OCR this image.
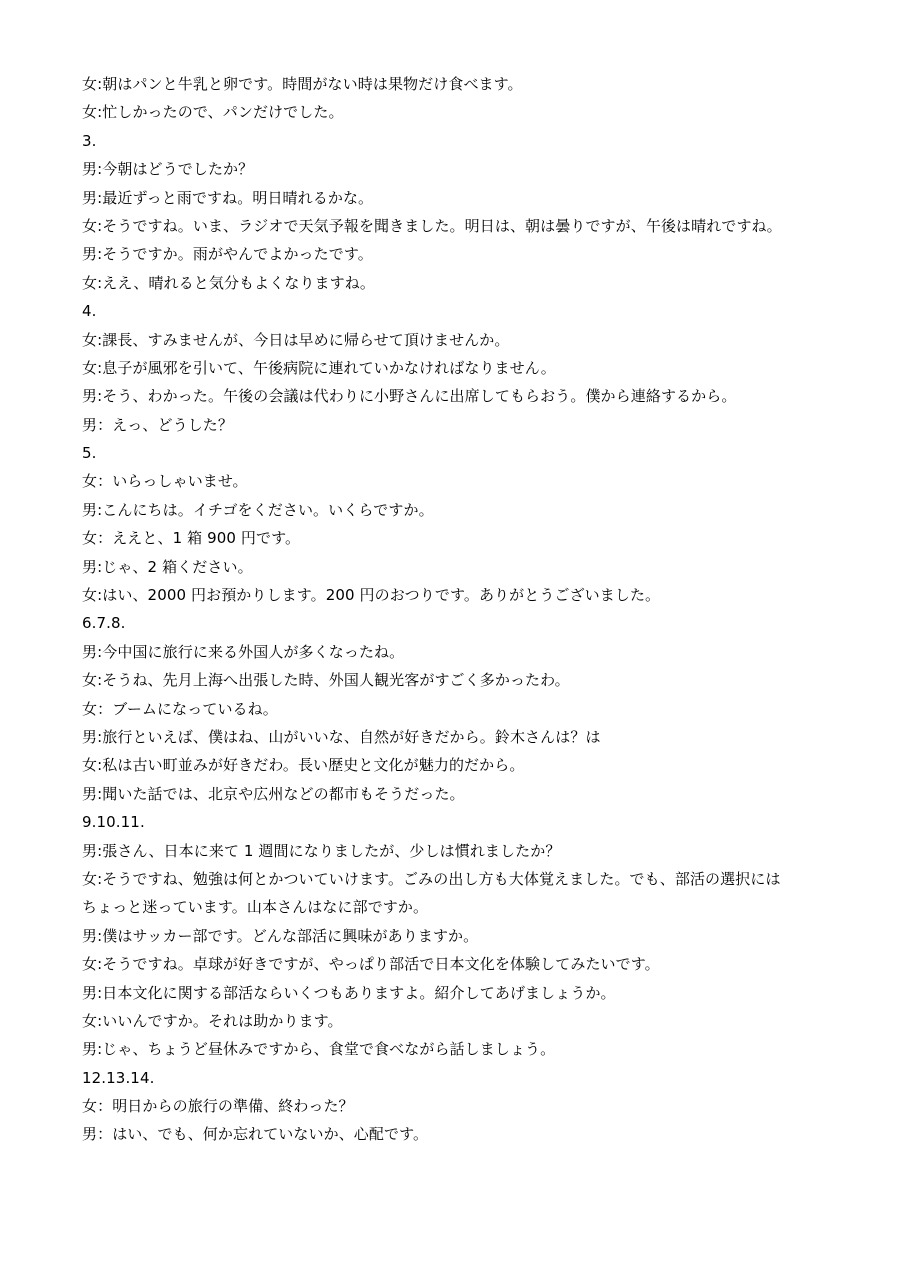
女:朝はパンと牛乳と卵です。時間がない時は果物だけ食べます。
女:忙しかったので、パンだけでした。
3.
男:今朝はどうでしたか？
男:最近ずっと雨ですね。明日晴れるかな。
女:そうですね。いま、ラジオで天気予報を聞きました。明日は、朝は曇りですが、午後は晴れですね。
男:そうですか。雨がやんでよかったです。
女:ええ、晴れると気分もよくなりますね。
4.
女:課長、すみませんが、今日は早めに帰らせて頂けませんか。
女:息子が風邪を引いて、午後病院に連れていかなければなりません。
男:そう、わかった。午後の会議は代わりに小野さんに出席してもらおう。僕から連絡するから。
男：えっ、どうした？
5.
女：いらっしゃいませ。
男:こんにちは。イチゴをください。いくらですか。
女：ええと、1 箱 900 円です。
男:じゃ、2 箱ください。
女:はい、2000 円お預かりします。200 円のおつりです。ありがとうございました。
6.7.8.
男:今中国に旅行に来る外国人が多くなったね。
女:そうね、先月上海へ出張した時、外国人観光客がすごく多かったわ。
女：ブームになっているね。
男:旅行といえば、僕はね、山がいいな、自然が好きだから。鈴木さんは？は
女:私は古い町並みが好きだわ。長い歴史と文化が魅力的だから。
男:聞いた話では、北京や広州などの都市もそうだった。
9.10.11.
男:張さん、日本に来て 1 週間になりましたが、少しは慣れましたか？
女:そうですね、勉強は何とかついていけます。ごみの出し方も大体覚えました。でも、部活の選択には
ちょっと迷っています。山本さんはなに部ですか。
男:僕はサッカー部です。どんな部活に興味がありますか。
女:そうですね。卓球が好きですが、やっぱり部活で日本文化を体験してみたいです。
男:日本文化に関する部活ならいくつもありますよ。紹介してあげましょうか。
女:いいんですか。それは助かります。
男:じゃ、ちょうど昼休みですから、食堂で食べながら話しましょう。
12.13.14.
女：明日からの旅行の準備、終わった？
男：はい、でも、何か忘れていないか、心配です。
